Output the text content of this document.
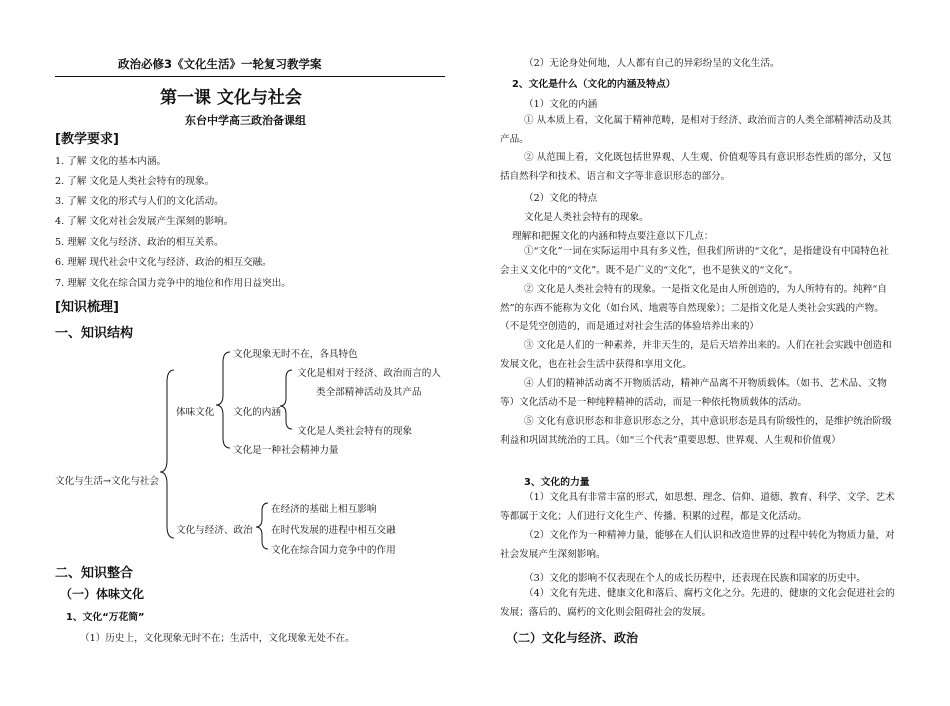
政治必修3《文化生活》一轮复习教学案
第一课 文化与社会
东台中学高三政治备课组
[教学要求]
1. 了解 文化的基本内涵。
2. 了解 文化是人类社会特有的现象。
3. 了解 文化的形式与人们的文化活动。
4. 了解 文化对社会发展产生深刻的影响。
5. 理解 文化与经济、政治的相互关系。
6. 理解 现代社会中文化与经济、政治的相互交融。
7. 理解 文化在综合国力竞争中的地位和作用日益突出。
[知识梳理]
一、知识结构
文化与生活→文化与社会
体味文化
文化现象无时不在，各具特色
文化的内涵
文化是相对于经济、政治而言的人
类全部精神活动及其产品
文化是人类社会特有的现象
文化是一种社会精神力量
文化与经济、政治
在经济的基础上相互影响
在时代发展的进程中相互交融
文化在综合国力竞争中的作用
二、知识整合
（一）体味文化
1、文化“万花筒”
（1）历史上，文化现象无时不在；生活中，文化现象无处不在。
（2）无论身处何地，人人都有自己的异彩纷呈的文化生活。
2、文化是什么（文化的内涵及特点）
（1）文化的内涵
① 从本质上看，文化属于精神范畴，是相对于经济、政治而言的人类全部精神活动及其产品。
② 从范围上看，文化既包括世界观、人生观、价值观等具有意识形态性质的部分，又包括自然科学和技术、语言和文字等非意识形态的部分。
（2）文化的特点
文化是人类社会特有的现象。
理解和把握文化的内涵和特点要注意以下几点：
①“文化”一词在实际运用中具有多义性，但我们所讲的“文化”，是指建设有中国特色社会主义文化中的“文化”。既不是广义的“文化”，也不是狭义的“文化”。
② 文化是人类社会特有的现象。一是指文化是由人所创造的，为人所特有的。纯粹“自然”的东西不能称为文化（如台风、地震等自然现象）；二是指文化是人类社会实践的产物。（不是凭空创造的，而是通过对社会生活的体验培养出来的）
③ 文化是人们的一种素养，并非天生的，是后天培养出来的。人们在社会实践中创造和发展文化，也在社会生活中获得和享用文化。
④ 人们的精神活动离不开物质活动，精神产品离不开物质载体。（如书、艺术品、文物等）文化活动不是一种纯粹精神的活动，而是一种依托物质载体的活动。
⑤ 文化有意识形态和非意识形态之分，其中意识形态是具有阶级性的，是维护统治阶级利益和巩固其统治的工具。（如“三个代表”重要思想、世界观、人生观和价值观）
3、文化的力量
（1）文化具有非常丰富的形式，如思想、理念、信仰、道德、教育、科学、文学、艺术等都属于文化；人们进行文化生产、传播、积累的过程，都是文化活动。
（2）文化作为一种精神力量，能够在人们认识和改造世界的过程中转化为物质力量，对社会发展产生深刻影响。
（3）文化的影响不仅表现在个人的成长历程中，还表现在民族和国家的历史中。
（4）文化有先进、健康文化和落后、腐朽文化之分。先进的、健康的文化会促进社会的发展；落后的、腐朽的文化则会阻碍社会的发展。
（二）文化与经济、政治
